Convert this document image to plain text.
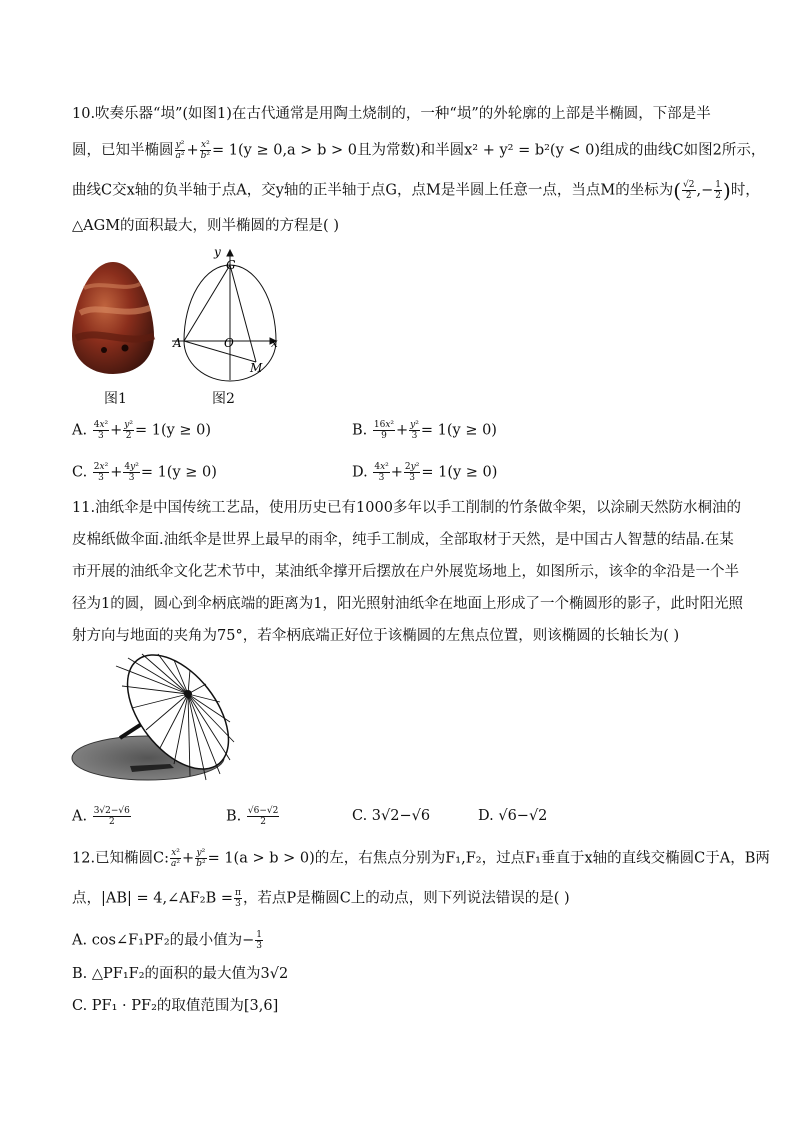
10.吹奏乐器“埙”(如图1)在古代通常是用陶土烧制的，一种“埙”的外轮廓的上部是半椭圆，下部是半
圆，已知半椭圆 $\frac{\text{y²}}{\text{a²}} + \frac{\text{x²}}{\text{b²}} = 1(y \ge 0,a > b > 0$且为常数)和半圆x² + y² = b²(y < 0)组成的曲线C如图2所示，
曲线C交x轴的负半轴于点A，交y轴的正半轴于点G，点M是半圆上任意一点，当点M的坐标为( $\frac{√2}{2}$ ,− $\frac{1}{2}$ )时，
△AGM的面积最大，则半椭圆的方程是( )
图1
y
G
A	O	x
M
图2
A. $\frac{\text{4x²}}{3} + \frac{\text{y²}}{2} = 1(y \ge 0)$	B. $\frac{\text{16x²}}{9} + \frac{\text{y²}}{3} = 1(y \ge 0)$
C. $\frac{\text{2x²}}{3} + \frac{\text{4y²}}{3} = 1(y \ge 0)$	D. $\frac{\text{4x²}}{3} + \frac{\text{2y²}}{3} = 1(y \ge 0)$
11.油纸伞是中国传统工艺品，使用历史已有1000多年以手工削制的竹条做伞架，以涂刷天然防水桐油的
皮棉纸做伞面.油纸伞是世界上最早的雨伞，纯手工制成，全部取材于天然，是中国古人智慧的结晶.在某
市开展的油纸伞文化艺术节中，某油纸伞撑开后摆放在户外展览场地上，如图所示，该伞的伞沿是一个半
径为1的圆，圆心到伞柄底端的距离为1，阳光照射油纸伞在地面上形成了一个椭圆形的影子，此时阳光照
射方向与地面的夹角为75°，若伞柄底端正好位于该椭圆的左焦点位置，则该椭圆的长轴长为( )
A. $\frac{3√2-√6}{2}$	B. $\frac{√6-√2}{2}$	C. 3√2−√6	D. √6−√2
12.已知椭圆C: $\frac{\text{x²}}{\text{a²}} + \frac{\text{y²}}{\text{b²}} = 1(a > b > 0)$的左，右焦点分别为F₁,F₂，过点F₁垂直于x轴的直线交椭圆C于A，B两
点，|AB| = 4,∠AF₂B = $\frac{\pi}{3}$ ，若点P是椭圆C上的动点，则下列说法错误的是( )
A. cos∠F₁PF₂的最小值为− $\frac{1}{3}$
B. △PF₁F₂的面积的最大值为3√2
C. PF₁ · PF₂的取值范围为[3,6]
